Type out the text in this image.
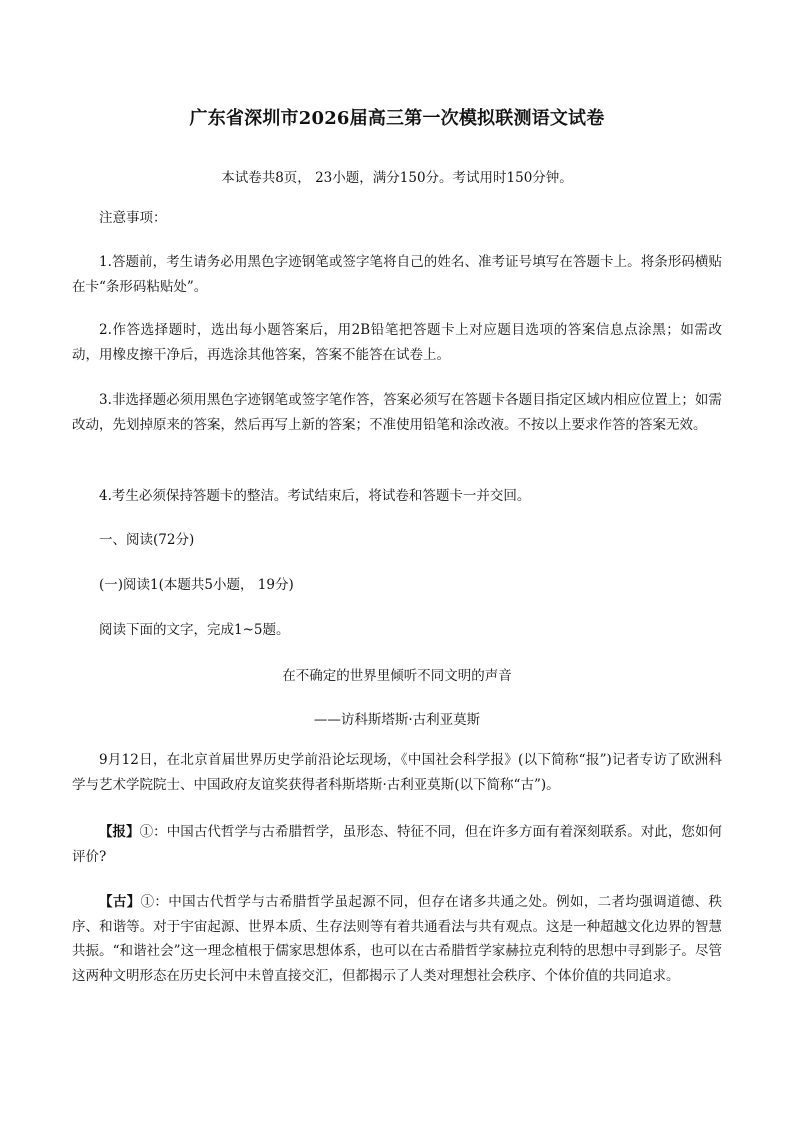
广东省深圳市2026届高三第一次模拟联测语文试卷
本试卷共8页， 23小题，满分150分。考试用时150分钟。
注意事项：
1.答题前，考生请务必用黑色字迹钢笔或签字笔将自己的姓名、准考证号填写在答题卡上。将条形码横贴在卡“条形码粘贴处”。
2.作答选择题时，选出每小题答案后，用2B铅笔把答题卡上对应题目选项的答案信息点涂黑；如需改动，用橡皮擦干净后，再选涂其他答案，答案不能答在试卷上。
3.非选择题必须用黑色字迹钢笔或签字笔作答，答案必须写在答题卡各题目指定区域内相应位置上；如需改动，先划掉原来的答案，然后再写上新的答案；不准使用铅笔和涂改液。不按以上要求作答的答案无效。
4.考生必须保持答题卡的整洁。考试结束后，将试卷和答题卡一并交回。
一、阅读(72分)
(一)阅读1(本题共5小题， 19分)
阅读下面的文字，完成1~5题。
在不确定的世界里倾听不同文明的声音
——访科斯塔斯·古利亚莫斯
9月12日，在北京首届世界历史学前沿论坛现场，《中国社会科学报》(以下简称“报”)记者专访了欧洲科学与艺术学院院士、中国政府友谊奖获得者科斯塔斯·古利亚莫斯(以下简称“古”)。
【报】①：中国古代哲学与古希腊哲学，虽形态、特征不同，但在许多方面有着深刻联系。对此，您如何评价?
【古】①：中国古代哲学与古希腊哲学虽起源不同，但存在诸多共通之处。例如，二者均强调道德、秩序、和谐等。对于宇宙起源、世界本质、生存法则等有着共通看法与共有观点。这是一种超越文化边界的智慧共振。“和谐社会”这一理念植根于儒家思想体系，也可以在古希腊哲学家赫拉克利特的思想中寻到影子。尽管这两种文明形态在历史长河中未曾直接交汇，但都揭示了人类对理想社会秩序、个体价值的共同追求。
